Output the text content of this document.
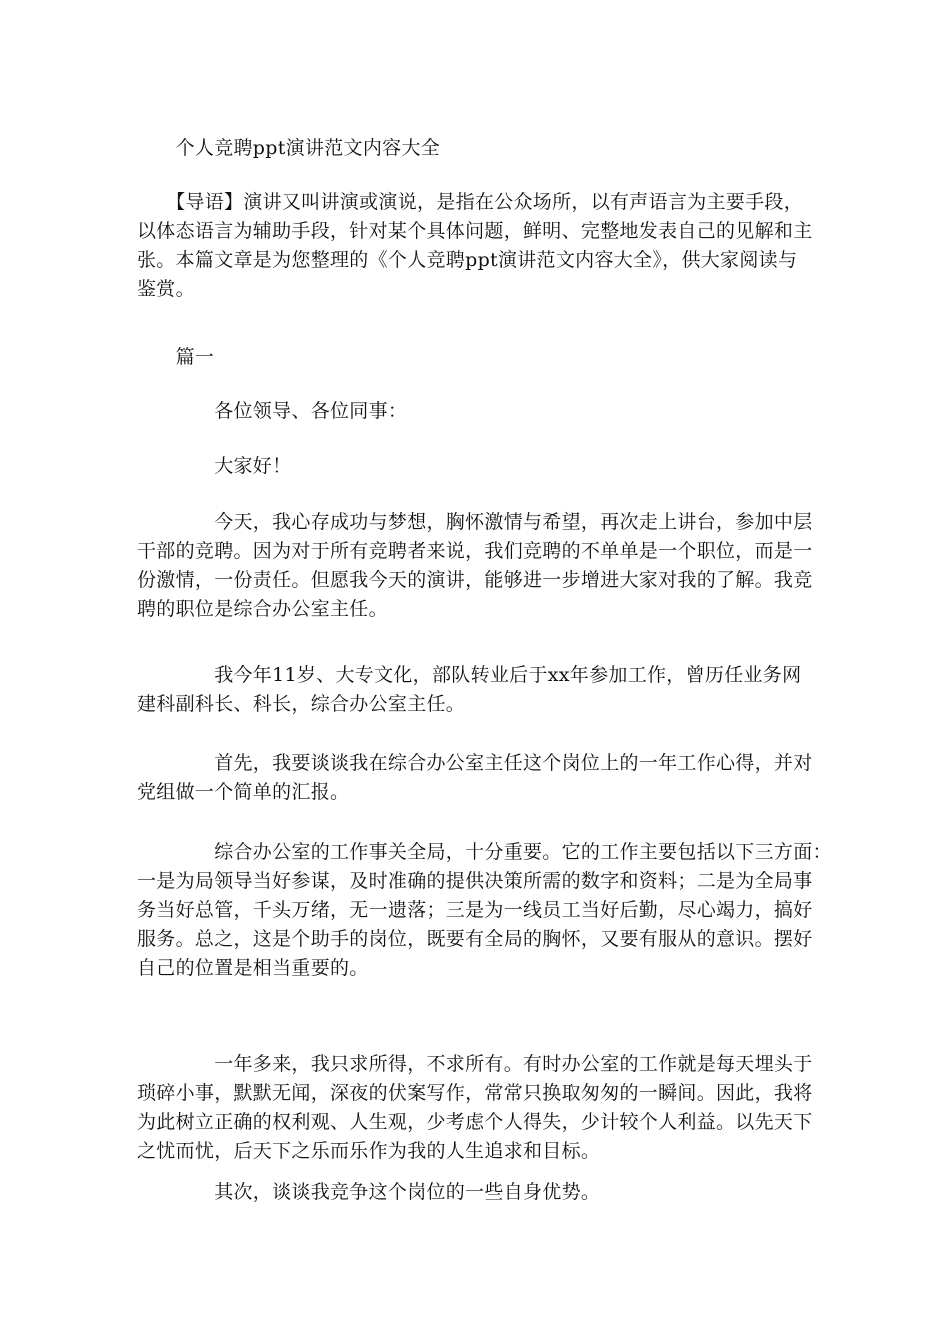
　　个人竞聘ppt演讲范文内容大全
　　【导语】演讲又叫讲演或演说，是指在公众场所，以有声语言为主要手段，
以体态语言为辅助手段，针对某个具体问题，鲜明、完整地发表自己的见解和主
张。本篇文章是为您整理的《个人竞聘ppt演讲范文内容大全》，供大家阅读与
鉴赏。
　　篇一
　　　　各位领导、各位同事：
　　　　大家好！
　　　　今天，我心存成功与梦想，胸怀激情与希望，再次走上讲台，参加中层
干部的竞聘。因为对于所有竞聘者来说，我们竞聘的不单单是一个职位，而是一
份激情，一份责任。但愿我今天的演讲，能够进一步增进大家对我的了解。我竞
聘的职位是综合办公室主任。
　　　　我今年11岁、大专文化，部队转业后于xx年参加工作，曾历任业务网
建科副科长、科长，综合办公室主任。
　　　　首先，我要谈谈我在综合办公室主任这个岗位上的一年工作心得，并对
党组做一个简单的汇报。
　　　　综合办公室的工作事关全局，十分重要。它的工作主要包括以下三方面：
一是为局领导当好参谋，及时准确的提供决策所需的数字和资料；二是为全局事
务当好总管，千头万绪，无一遗落；三是为一线员工当好后勤，尽心竭力，搞好
服务。总之，这是个助手的岗位，既要有全局的胸怀，又要有服从的意识。摆好
自己的位置是相当重要的。
　　　　一年多来，我只求所得，不求所有。有时办公室的工作就是每天埋头于
琐碎小事，默默无闻，深夜的伏案写作，常常只换取匆匆的一瞬间。因此，我将
为此树立正确的权利观、人生观，少考虑个人得失，少计较个人利益。以先天下
之忧而忧，后天下之乐而乐作为我的人生追求和目标。
　　　　其次，谈谈我竞争这个岗位的一些自身优势。
